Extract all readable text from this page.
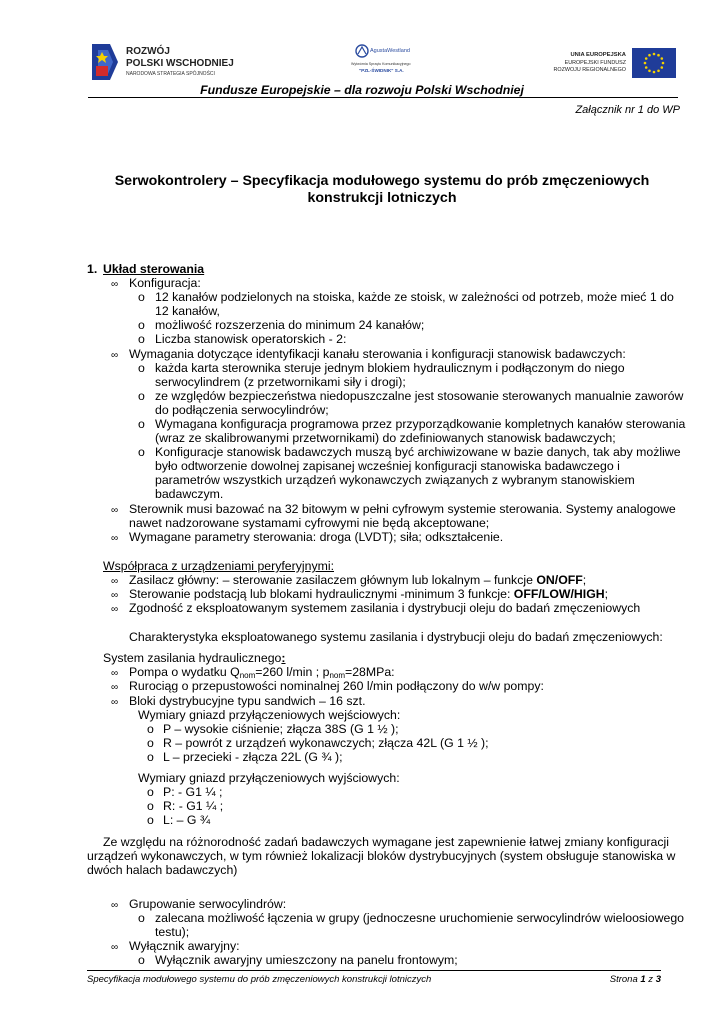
ROZWÓJ
POLSKI WSCHODNIEJ
NARODOWA STRATEGIA SPÓJNOŚCI
AgustaWestland
Wytwórnia Sprzętu Komunikacyjnego
"PZL-ŚWIDNIK" S.A.
UNIA EUROPEJSKA
EUROPEJSKI FUNDUSZ
ROZWOJU REGIONALNEGO
Fundusze Europejskie – dla rozwoju Polski Wschodniej
Załącznik nr 1 do WP
Serwokontrolery – Specyfikacja modułowego systemu do prób zmęczeniowych
konstrukcji lotniczych
1. Układ sterowania
∞ Konfiguracja:
o 12 kanałów podzielonych na stoiska, każde ze stoisk, w zależności od potrzeb, może mieć 1 do
12 kanałów,
o możliwość rozszerzenia do minimum 24 kanałów;
o Liczba stanowisk operatorskich - 2:
∞ Wymagania dotyczące identyfikacji kanału sterowania i konfiguracji stanowisk badawczych:
o każda karta sterownika steruje jednym blokiem hydraulicznym i podłączonym do niego
serwocylindrem (z przetwornikami siły i drogi);
o ze względów bezpieczeństwa niedopuszczalne jest stosowanie sterowanych manualnie zaworów
do podłączenia serwocylindrów;
o Wymagana konfiguracja programowa przez przyporządkowanie kompletnych kanałów sterowania
(wraz ze skalibrowanymi przetwornikami) do zdefiniowanych stanowisk badawczych;
o Konfiguracje stanowisk badawczych muszą być archiwizowane w bazie danych, tak aby możliwe
było odtworzenie dowolnej zapisanej wcześniej konfiguracji stanowiska badawczego i
parametrów wszystkich urządzeń wykonawczych związanych z wybranym stanowiskiem
badawczym.
∞ Sterownik musi bazować na 32 bitowym w pełni cyfrowym systemie sterowania. Systemy analogowe
nawet nadzorowane systamami cyfrowymi nie będą akceptowane;
∞ Wymagane parametry sterowania: droga (LVDT); siła; odkształcenie.
Współpraca z urządzeniami peryferyjnymi:
∞ Zasilacz główny: – sterowanie zasilaczem głównym lub lokalnym – funkcje ON/OFF;
∞ Sterowanie podstacją lub blokami hydraulicznymi -minimum 3 funkcje: OFF/LOW/HIGH;
∞ Zgodność z eksploatowanym systemem zasilania i dystrybucji oleju do badań zmęczeniowych
Charakterystyka eksploatowanego systemu zasilania i dystrybucji oleju do badań zmęczeniowych:
System zasilania hydraulicznego:
∞ Pompa o wydatku $Q_{nom}=260$ l/min ; $p_{nom}=28MPa$:
∞ Rurociąg o przepustowości nominalnej 260 l/min podłączony do w/w pompy:
∞ Bloki dystrybucyjne typu sandwich – 16 szt.
Wymiary gniazd przyłączeniowych wejściowych:
o P – wysokie ciśnienie; złącza 38S (G 1 ½ );
o R – powrót z urządzeń wykonawczych; złącza 42L (G 1 ½ );
o L – przecieki - złącza 22L (G ¾ );
Wymiary gniazd przyłączeniowych wyjściowych:
o P: - G1 ¼ ;
o R: - G1 ¼ ;
o L: – G ¾
Ze względu na różnorodność zadań badawczych wymagane jest zapewnienie łatwej zmiany konfiguracji
urządzeń wykonawczych, w tym również lokalizacji bloków dystrybucyjnych (system obsługuje stanowiska w
dwóch halach badawczych)
∞ Grupowanie serwocylindrów:
o zalecana możliwość łączenia w grupy (jednoczesne uruchomienie serwocylindrów wieloosiowego
testu);
∞ Wyłącznik awaryjny:
o Wyłącznik awaryjny umieszczony na panelu frontowym;
Specyfikacja modułowego systemu do prób zmęczeniowych konstrukcji lotniczych	Strona 1 z 3
